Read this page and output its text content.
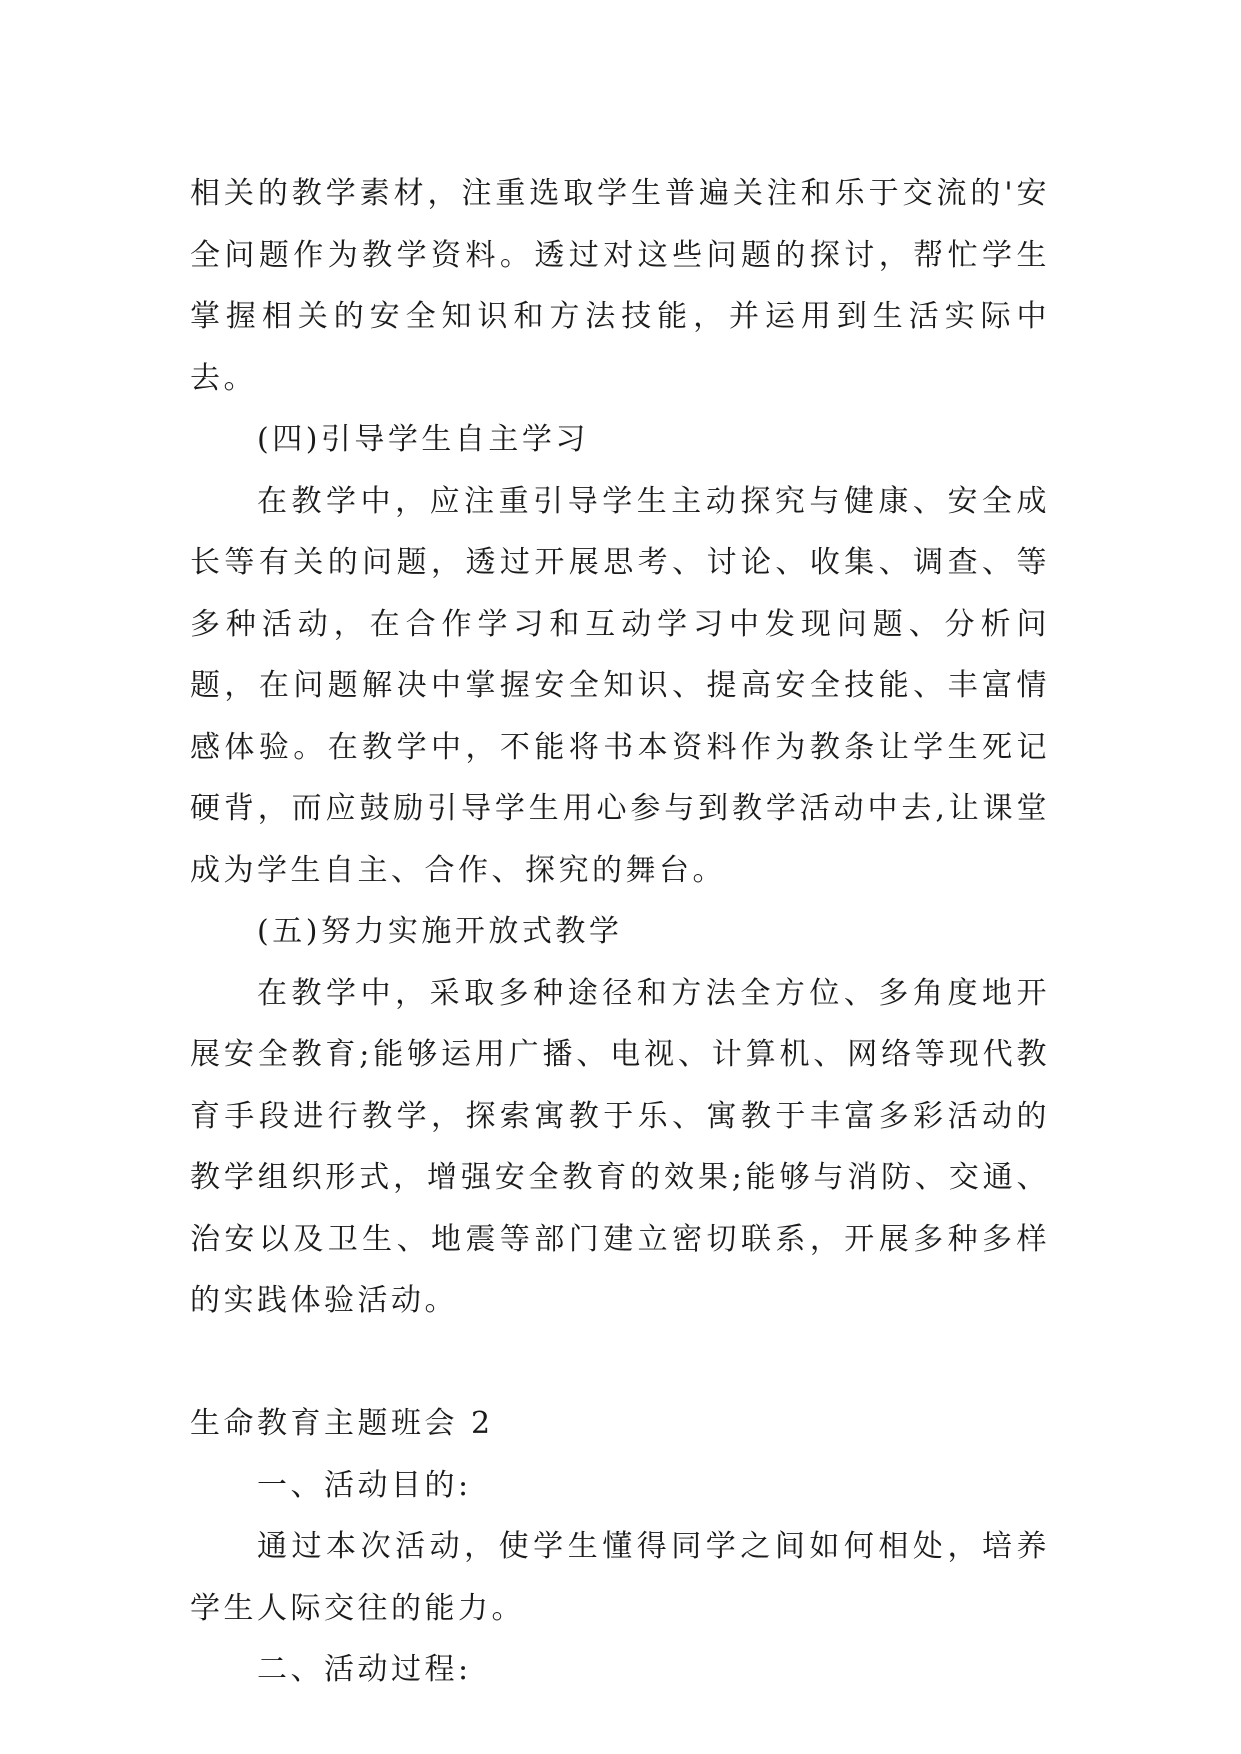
相关的教学素材，注重选取学生普遍关注和乐于交流的'安全问题作为教学资料。透过对这些问题的探讨，帮忙学生掌握相关的安全知识和方法技能，并运用到生活实际中去。

(四)引导学生自主学习

在教学中，应注重引导学生主动探究与健康、安全成长等有关的问题，透过开展思考、讨论、收集、调查、等多种活动，在合作学习和互动学习中发现问题、分析问题，在问题解决中掌握安全知识、提高安全技能、丰富情感体验。在教学中，不能将书本资料作为教条让学生死记硬背，而应鼓励引导学生用心参与到教学活动中去,让课堂成为学生自主、合作、探究的舞台。

(五)努力实施开放式教学

在教学中，采取多种途径和方法全方位、多角度地开展安全教育;能够运用广播、电视、计算机、网络等现代教育手段进行教学，探索寓教于乐、寓教于丰富多彩活动的教学组织形式，增强安全教育的效果;能够与消防、交通、治安以及卫生、地震等部门建立密切联系，开展多种多样的实践体验活动。

生命教育主题班会 2

一、活动目的:

通过本次活动，使学生懂得同学之间如何相处，培养学生人际交往的能力。

二、活动过程:
